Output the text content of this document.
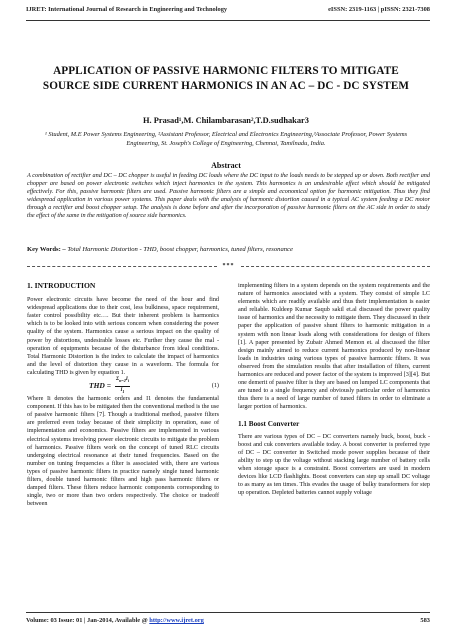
IJRET: International Journal of Research in Engineering and Technology	eISSN: 2319-1163 | pISSN: 2321-7308
APPLICATION OF PASSIVE HARMONIC FILTERS TO MITIGATE
SOURCE SIDE CURRENT HARMONICS IN AN AC – DC - DC SYSTEM
H. Prasad¹,M. Chilambarasan²,T.D.sudhakar3
¹ Student, M.E Power Systems Engineering, ²Assistant Professor, Electrical and Electronics Engineering,³Associate Professor, Power Systems Engineering, St. Joseph's College of Engineering, Chennai, Tamilnadu, India.
Abstract
A combination of rectifier and DC – DC chopper is useful in feeding DC loads where the DC input to the loads needs to be stepped up or down. Both rectifier and chopper are based on power electronic switches which inject harmonics in the system. This harmonics is an undesirable effect which should be mitigated effectively. For this, passive harmonic filters are used. Passive harmonic filters are a simple and economical option for harmonic mitigation. Thus they find widespread application in various power systems. This paper deals with the analysis of harmonic distortion caused in a typical AC system feeding a DC motor through a rectifier and boost chopper setup. The analysis is done before and after the incorporation of passive harmonic filters on the AC side in order to study the effect of the same in the mitigation of source side harmonics.
Key Words: – Total Harmonic Distortion - THD, boost chopper, harmonics, tuned filters, resonance
***
1. INTRODUCTION

Power electronic circuits have become the need of the hour and find widespread applications due to their cost, less bulkiness, space requirement, faster control possibility etc…. But their inherent problem is harmonics which is to be looked into with serious concern when considering the power quality of the system. Harmonics cause a serious impact on the quality of power by distortions, undesirable losses etc. Further they cause the mal - operation of equipments because of the disturbance from ideal conditions. Total Harmonic Distortion is the index to calculate the impact of harmonics and the level of distortion they cause in a waveform. The formula for calculating THD is given by equation 1.

THD = $\frac{\Sigma_{n=2}I_i}{I_1}$	(1)

Where Ii denotes the harmonic orders and I1 denotes the fundamental component. If this has to be mitigated then the conventional method is the use of passive harmonic filters [7]. Though a traditional method, passive filters are preferred even today because of their simplicity in operation, ease of implementation and economics. Passive filters are implemented in various electrical systems involving power electronic circuits to mitigate the problem of harmonics. Passive filters work on the concept of tuned RLC circuits undergoing electrical resonance at their tuned frequencies. Based on the number on tuning frequencies a filter is associated with, there are various types of passive harmonic filters in practice namely single tuned harmonic filters, double tuned harmonic filters and high pass harmonic filters or damped filters. These filters reduce harmonic components corresponding to single, two or more than two orders respectively. The choice or tradeoff between

implementing filters in a system depends on the system requirements and the nature of harmonics associated with a system. They consist of simple LC elements which are readily available and thus their implementation is easier and reliable. Kuldeep Kumar Saqub sakil et.al discussed the power quality issue of harmonics and the necessity to mitigate them. They discussed in their paper the application of passive shunt filters to harmonic mitigation in a system with non linear loads along with considerations for design of filters [1]. A paper presented by Zubair Ahmed Memon et. al discussed the filter design mainly aimed to reduce current harmonics produced by non-linear loads in industries using various types of passive harmonic filters. It was observed from the simulation results that after installation of filters, current harmonics are reduced and power factor of the system is improved [3][4]. But one demerit of passive filter is they are based on lumped LC components that are tuned to a single frequency and obviously particular order of harmonics thus there is a need of large number of tuned filters in order to eliminate a larger portion of harmonics.

1.1 Boost Converter

There are various types of DC – DC converters namely buck, boost, buck - boost and cuk converters available today. A boost converter is preferred type of DC – DC converter in Switched mode power supplies because of their ability to step up the voltage without stacking large number of battery cells when storage space is a constraint. Boost converters are used in modern devices like LCD flashlights. Boost converters can step up small DC voltage to as many as ten times. This evades the usage of bulky transformers for step up operation. Depleted batteries cannot supply voltage

Volume: 03 Issue: 01 | Jan-2014, Available @ http://www.ijret.org	583
